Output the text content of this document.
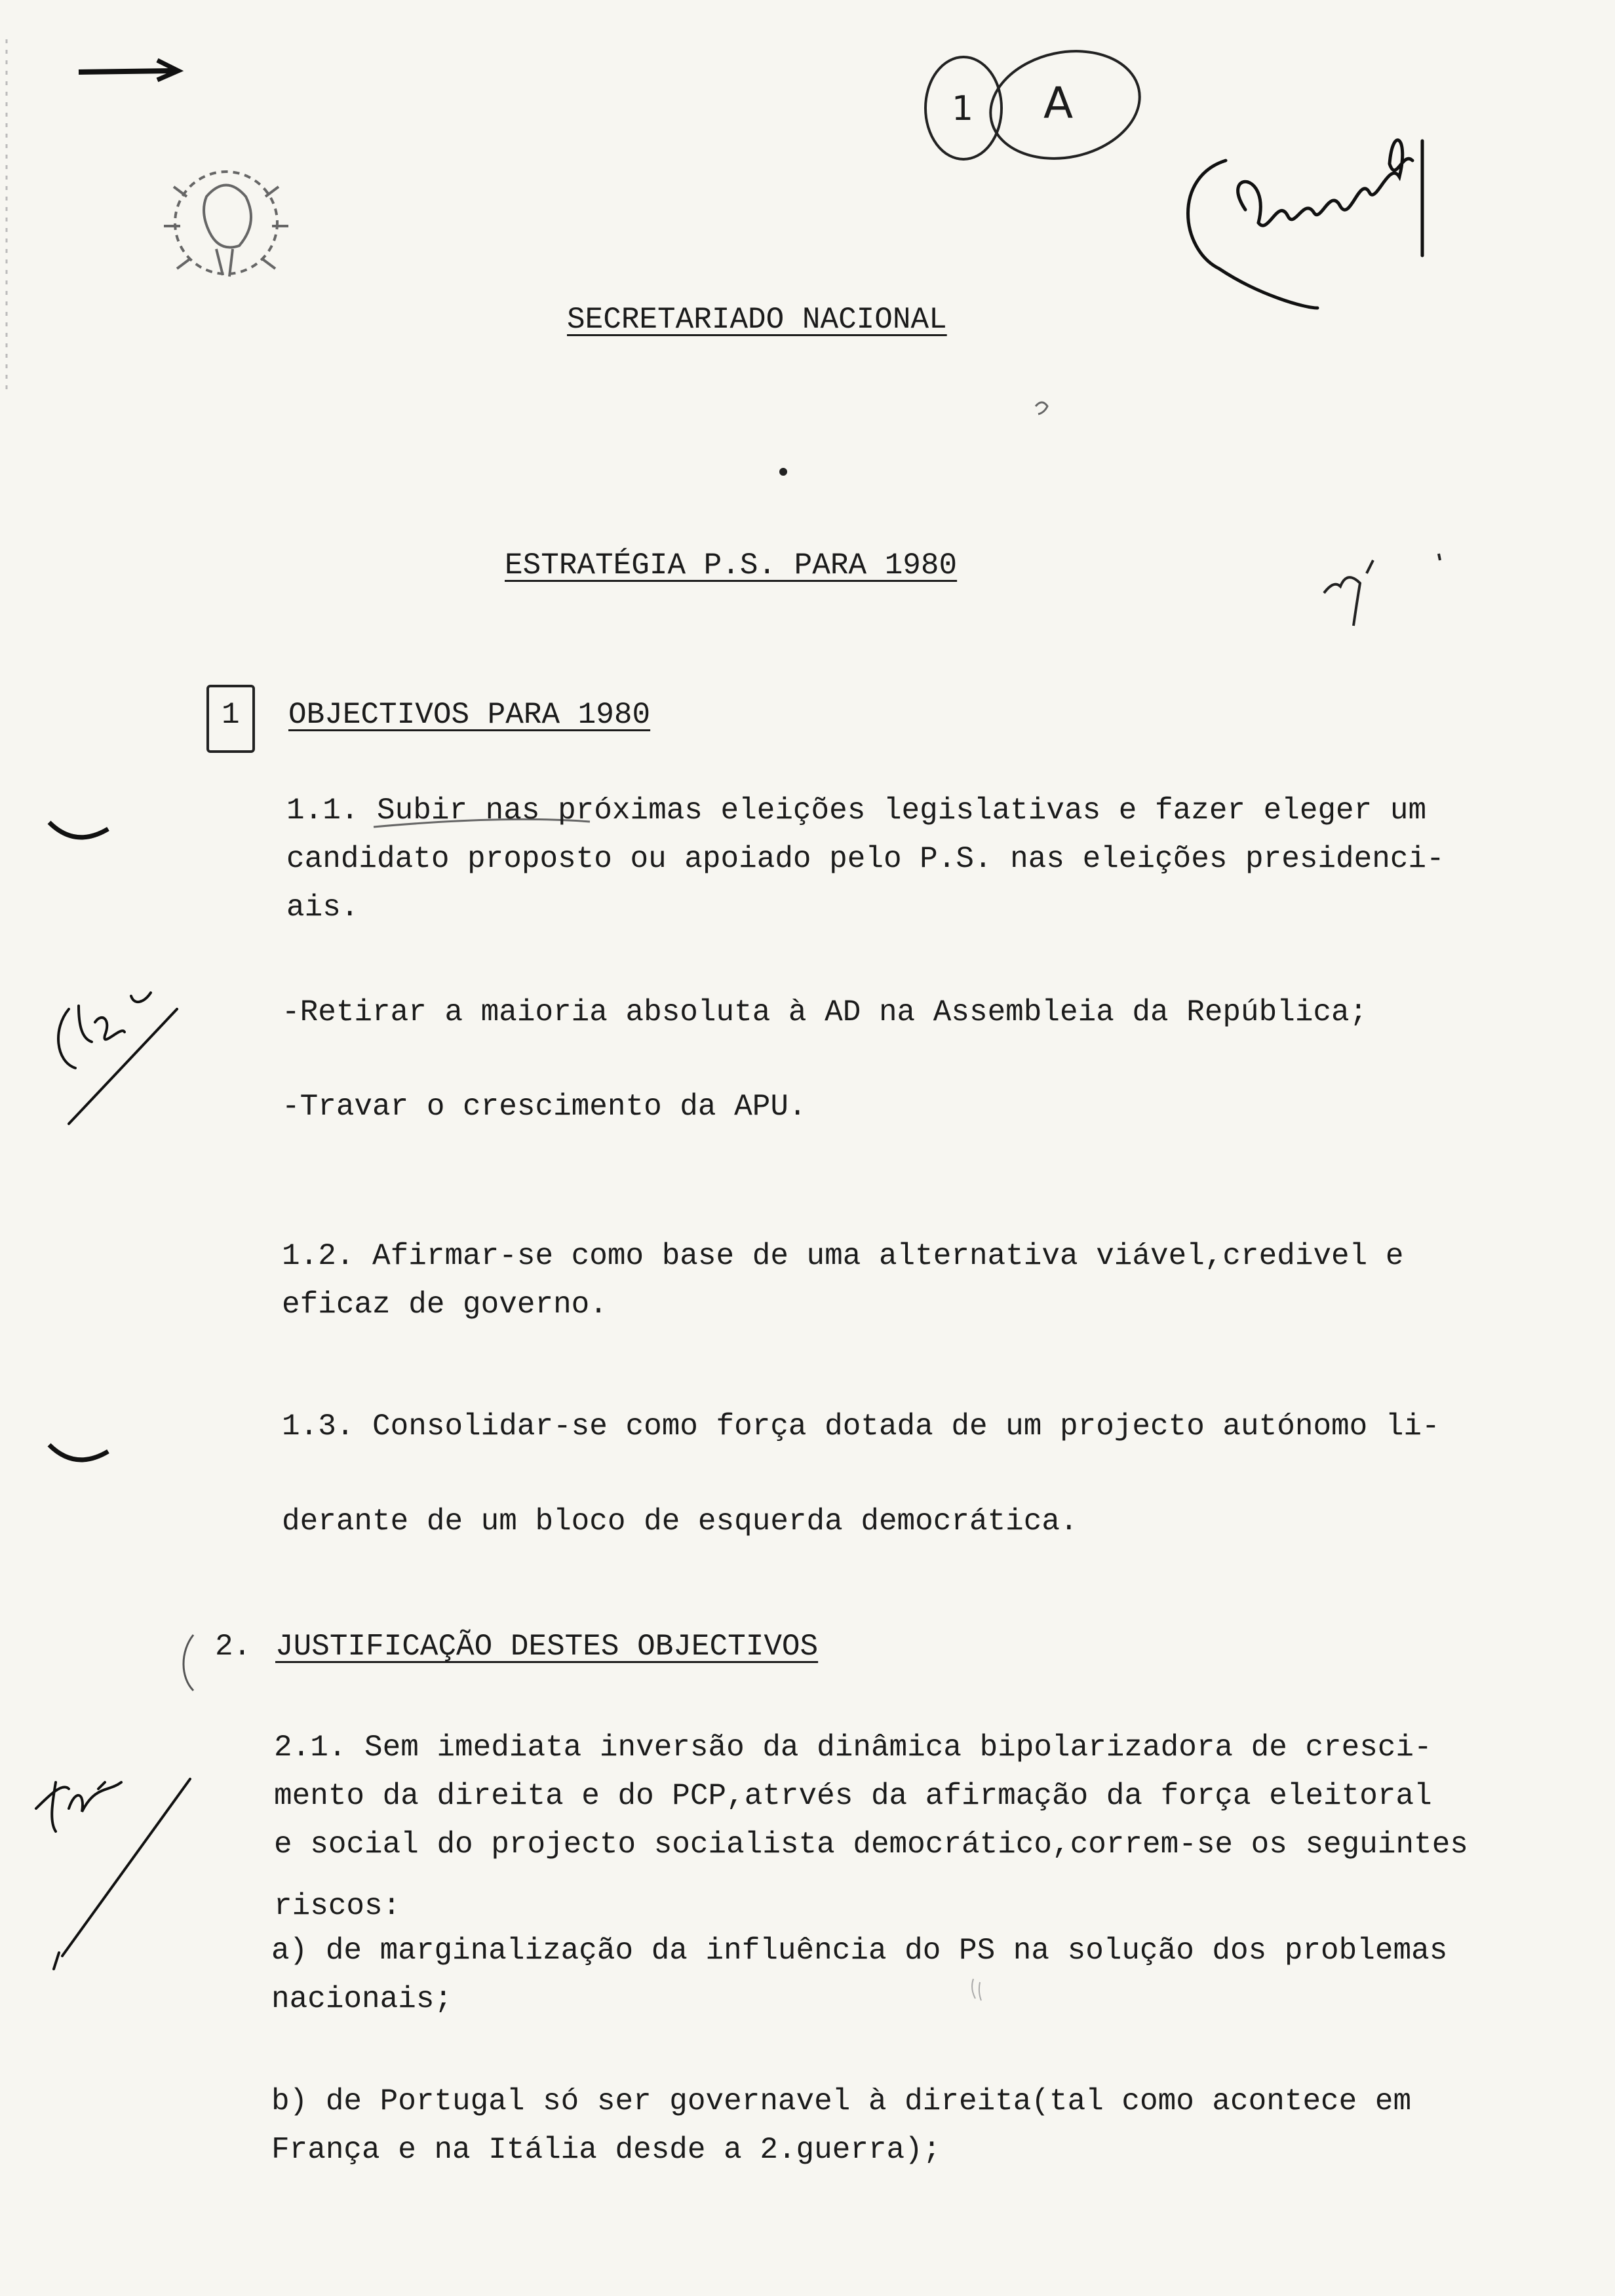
SECRETARIADO NACIONAL
ESTRATÉGIA P.S. PARA 1980
1 OBJECTIVOS PARA 1980
1.1. Subir nas próximas eleições legislativas e fazer eleger um
candidato proposto ou apoiado pelo P.S. nas eleições presidenci-
ais.
-Retirar a maioria absoluta à AD na Assembleia da República;
-Travar o crescimento da APU.
1.2. Afirmar-se como base de uma alternativa viável,credivel e
eficaz de governo.
1.3. Consolidar-se como força dotada de um projecto autónomo li-
derante de um bloco de esquerda democrática.
2. JUSTIFICAÇÃO DESTES OBJECTIVOS
2.1. Sem imediata inversão da dinâmica bipolarizadora de cresci-
mento da direita e do PCP,atrvés da afirmação da força eleitoral
e social do projecto socialista democrático,correm-se os seguintes
riscos:
a) de marginalização da influência do PS na solução dos problemas
nacionais;
b) de Portugal só ser governavel à direita(tal como acontece em
França e na Itália desde a 2.guerra);
1 A
